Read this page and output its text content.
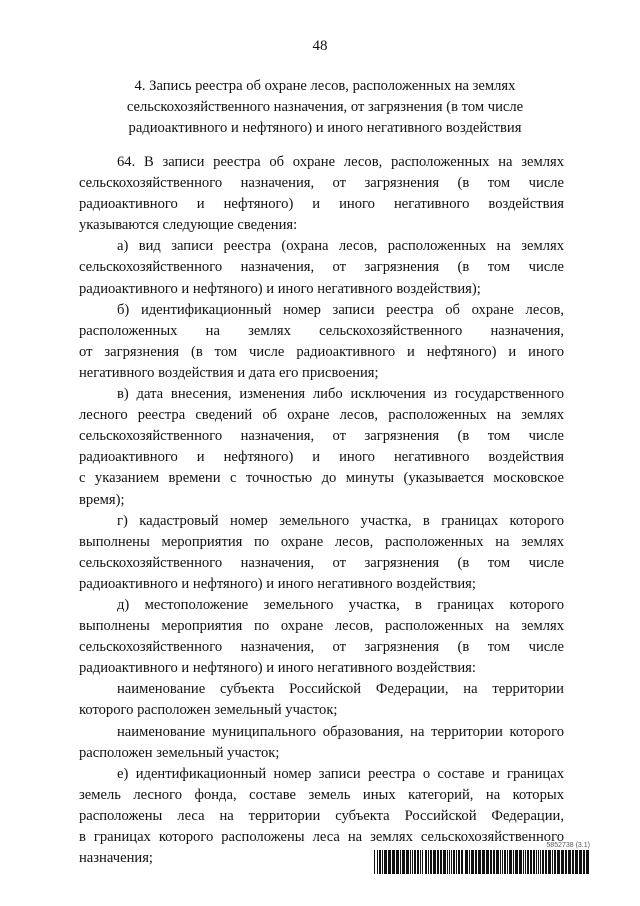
48
4. Запись реестра об охране лесов, расположенных на землях
сельскохозяйственного назначения, от загрязнения (в том числе
радиоактивного и нефтяного) и иного негативного воздействия
64. В записи реестра об охране лесов, расположенных на землях
сельскохозяйственного назначения, от загрязнения (в том числе
радиоактивного и нефтяного) и иного негативного воздействия
указываются следующие сведения:
а) вид записи реестра (охрана лесов, расположенных на землях
сельскохозяйственного назначения, от загрязнения (в том числе
радиоактивного и нефтяного) и иного негативного воздействия);
б) идентификационный номер записи реестра об охране лесов,
расположенных на землях сельскохозяйственного назначения,
от загрязнения (в том числе радиоактивного и нефтяного) и иного
негативного воздействия и дата его присвоения;
в) дата внесения, изменения либо исключения из государственного
лесного реестра сведений об охране лесов, расположенных на землях
сельскохозяйственного назначения, от загрязнения (в том числе
радиоактивного и нефтяного) и иного негативного воздействия
с указанием времени с точностью до минуты (указывается московское
время);
г) кадастровый номер земельного участка, в границах которого
выполнены мероприятия по охране лесов, расположенных на землях
сельскохозяйственного назначения, от загрязнения (в том числе
радиоактивного и нефтяного) и иного негативного воздействия;
д) местоположение земельного участка, в границах которого
выполнены мероприятия по охране лесов, расположенных на землях
сельскохозяйственного назначения, от загрязнения (в том числе
радиоактивного и нефтяного) и иного негативного воздействия:
наименование субъекта Российской Федерации, на территории
которого расположен земельный участок;
наименование муниципального образования, на территории которого
расположен земельный участок;
е) идентификационный номер записи реестра о составе и границах
земель лесного фонда, составе земель иных категорий, на которых
расположены леса на территории субъекта Российской Федерации,
в границах которого расположены леса на землях сельскохозяйственного
назначения;
5852738 (3.1)
